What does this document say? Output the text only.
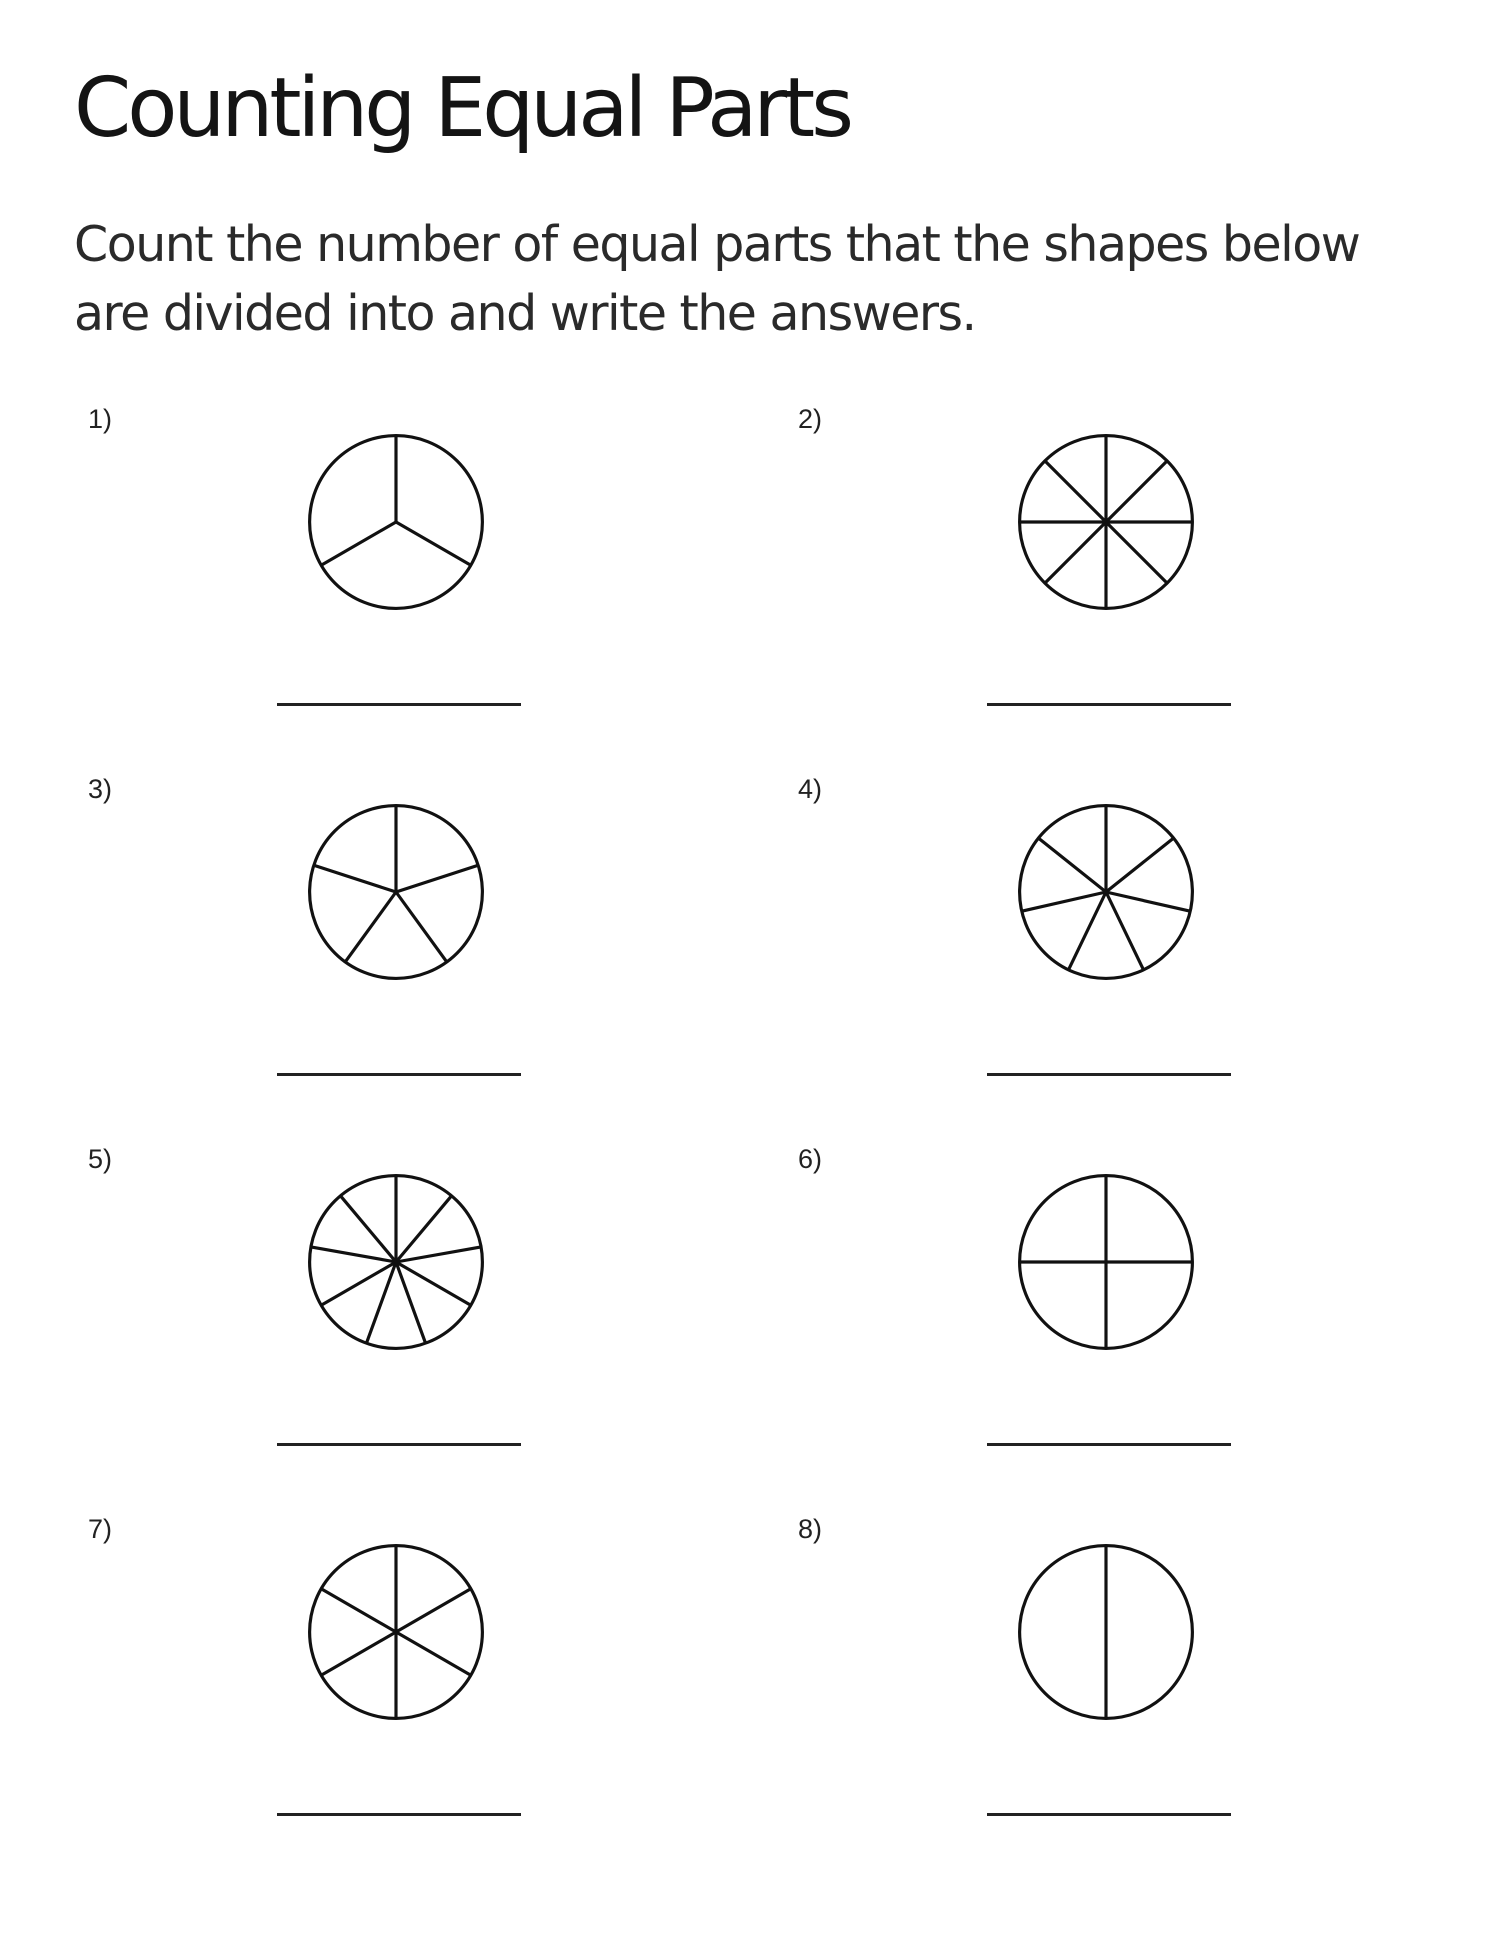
Counting Equal Parts

Count the number of equal parts that the shapes below
are divided into and write the answers.

1)	2)
3)	4)
5)	6)
7)	8)
